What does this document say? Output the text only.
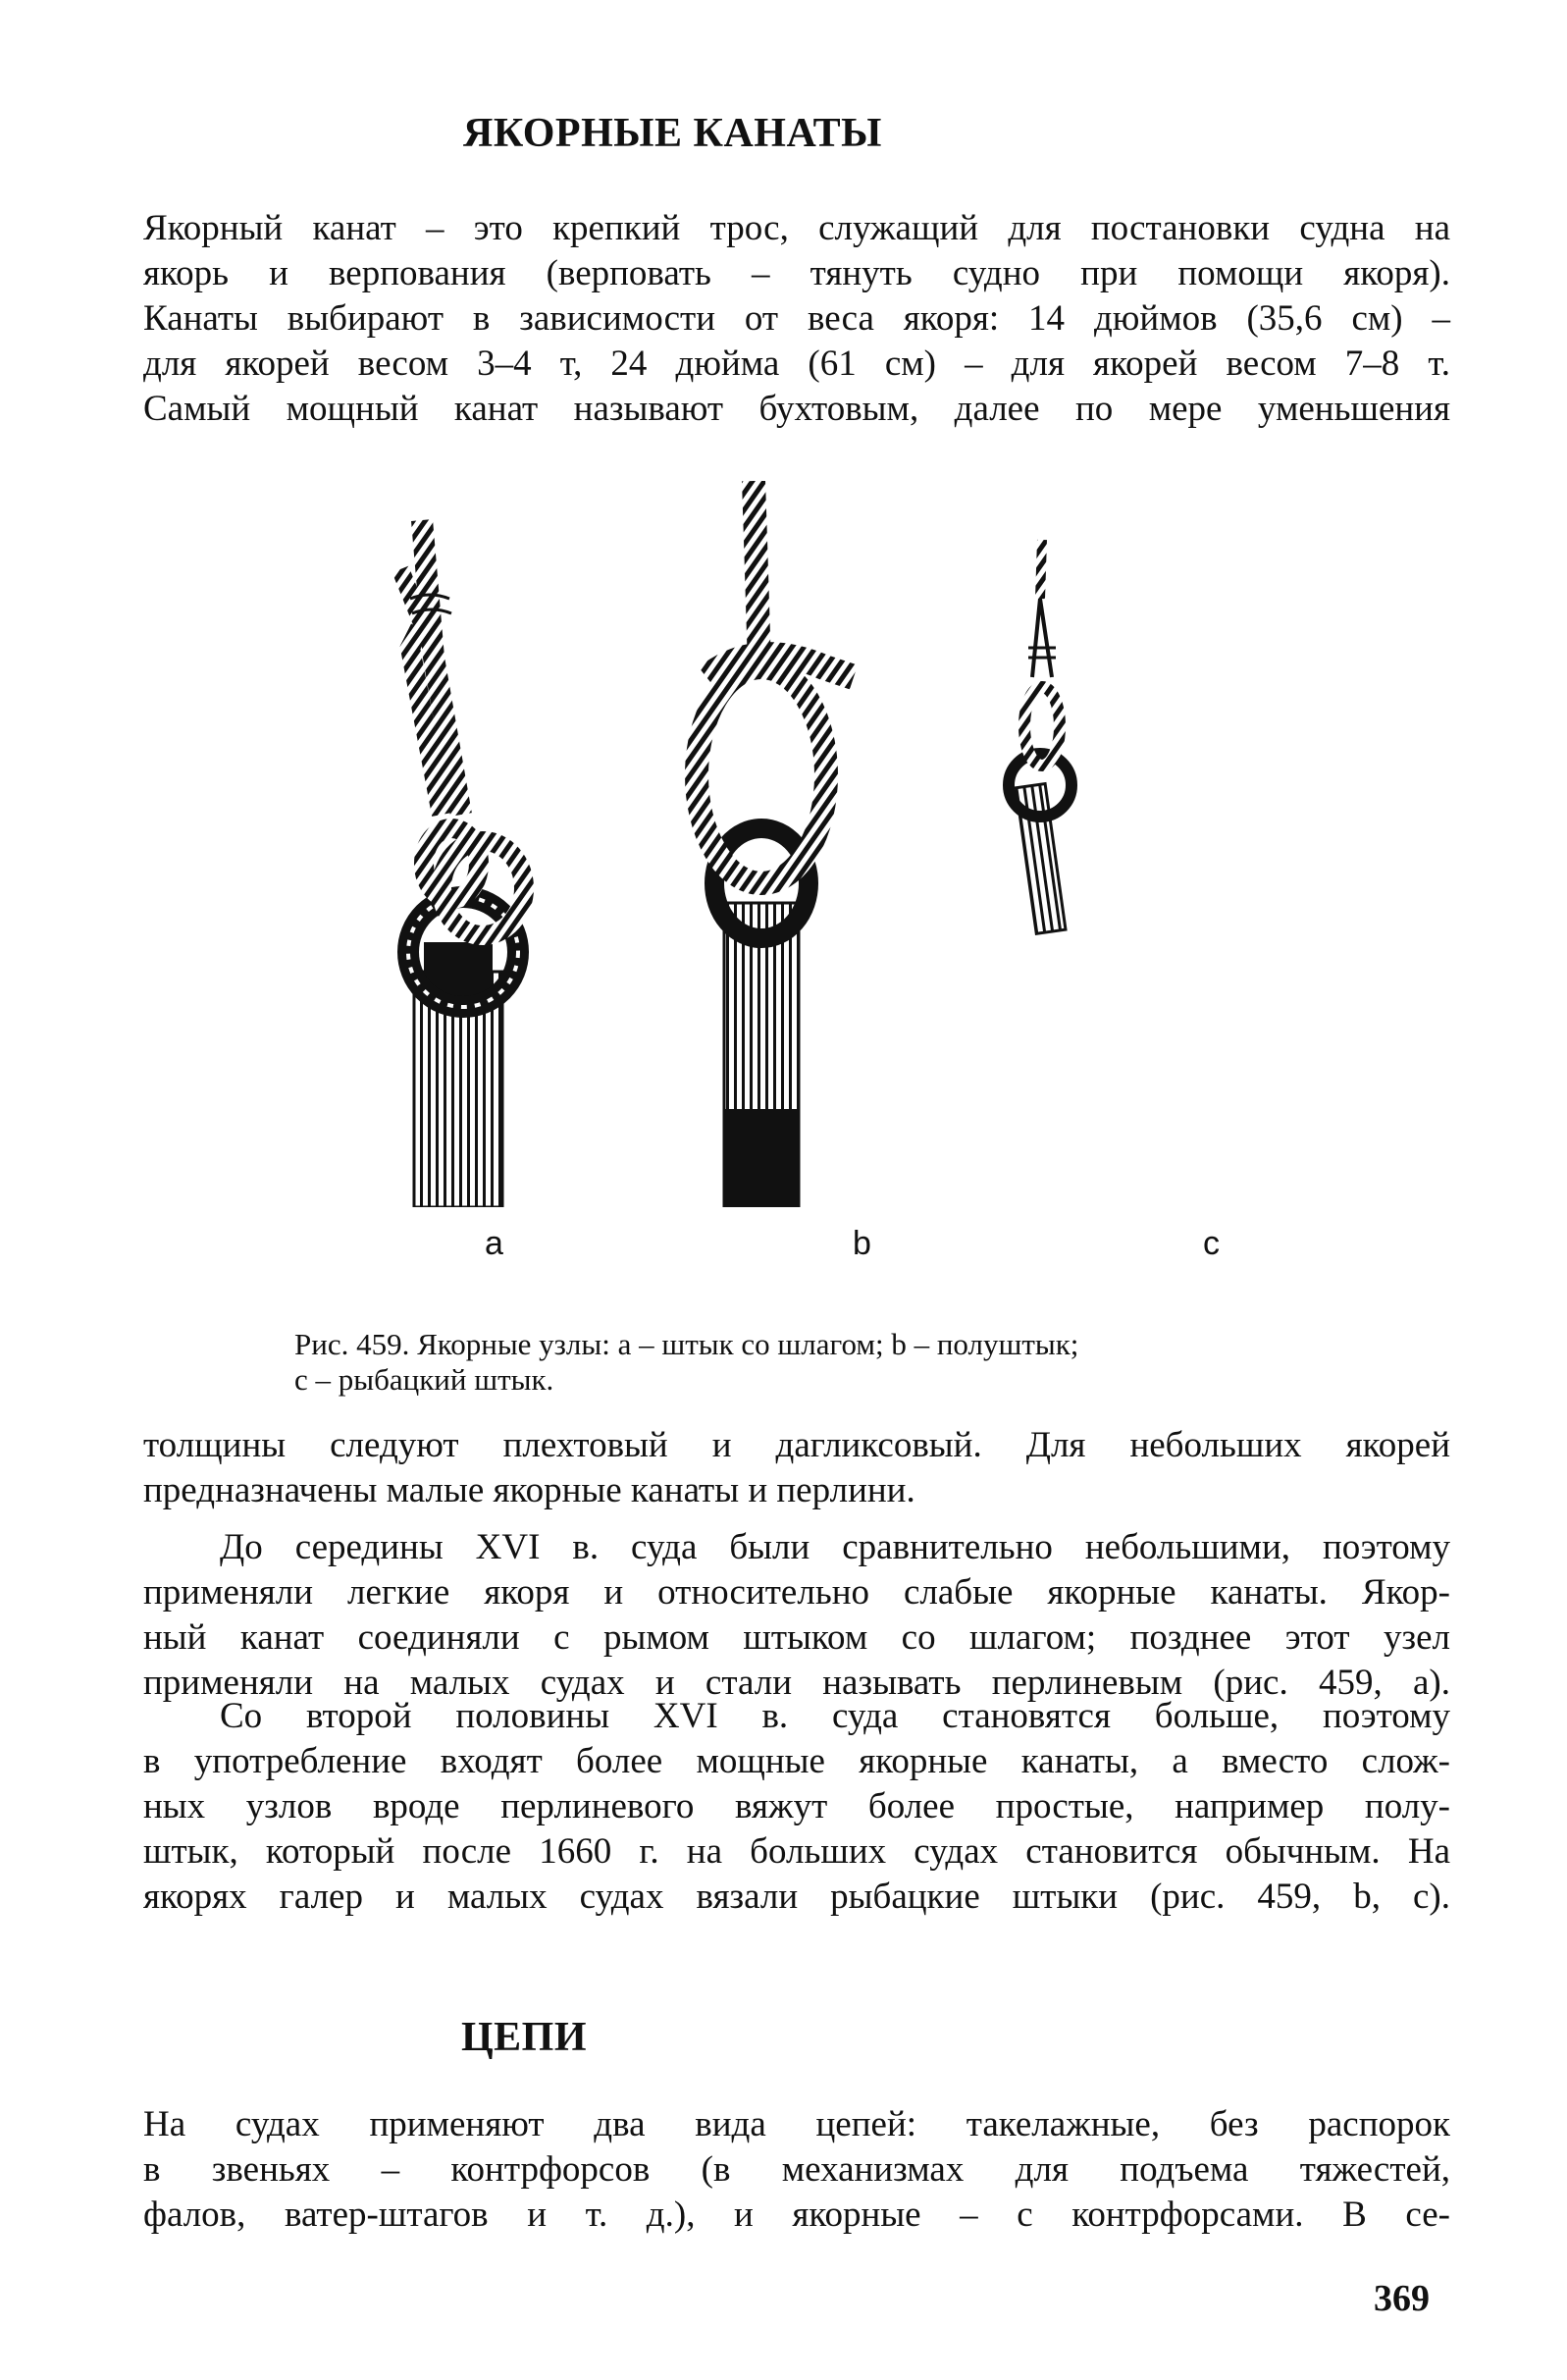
ЯКОРНЫЕ КАНАТЫ
Якорный канат – это крепкий трос, служащий для постановки судна на
якорь и верпования (верповать – тянуть судно при помощи якоря).
Канаты выбирают в зависимости от веса якоря: 14 дюймов (35,6 см) –
для якорей весом 3–4 т, 24 дюйма (61 см) – для якорей весом 7–8 т.
Самый мощный канат называют бухтовым, далее по мере уменьшения
a	b	c
Рис. 459. Якорные узлы: a – штык со шлагом; b – полуштык;
c – рыбацкий штык.
толщины следуют плехтовый и дагликсовый. Для небольших якорей
предназначены малые якорные канаты и перлини.
До середины XVI в. суда были сравнительно небольшими, поэтому
применяли легкие якоря и относительно слабые якорные канаты. Якор-
ный канат соединяли с рымом штыком со шлагом; позднее этот узел
применяли на малых судах и стали называть перлиневым (рис. 459, a).
Со второй половины XVI в. суда становятся больше, поэтому
в употребление входят более мощные якорные канаты, а вместо слож-
ных узлов вроде перлиневого вяжут более простые, например полу-
штык, который после 1660 г. на больших судах становится обычным. На
якорях галер и малых судах вязали рыбацкие штыки (рис. 459, b, c).
ЦЕПИ
На судах применяют два вида цепей: такелажные, без распорок
в звеньях – контрфорсов (в механизмах для подъема тяжестей,
фалов, ватер-штагов и т. д.), и якорные – с контрфорсами. В се-
369
